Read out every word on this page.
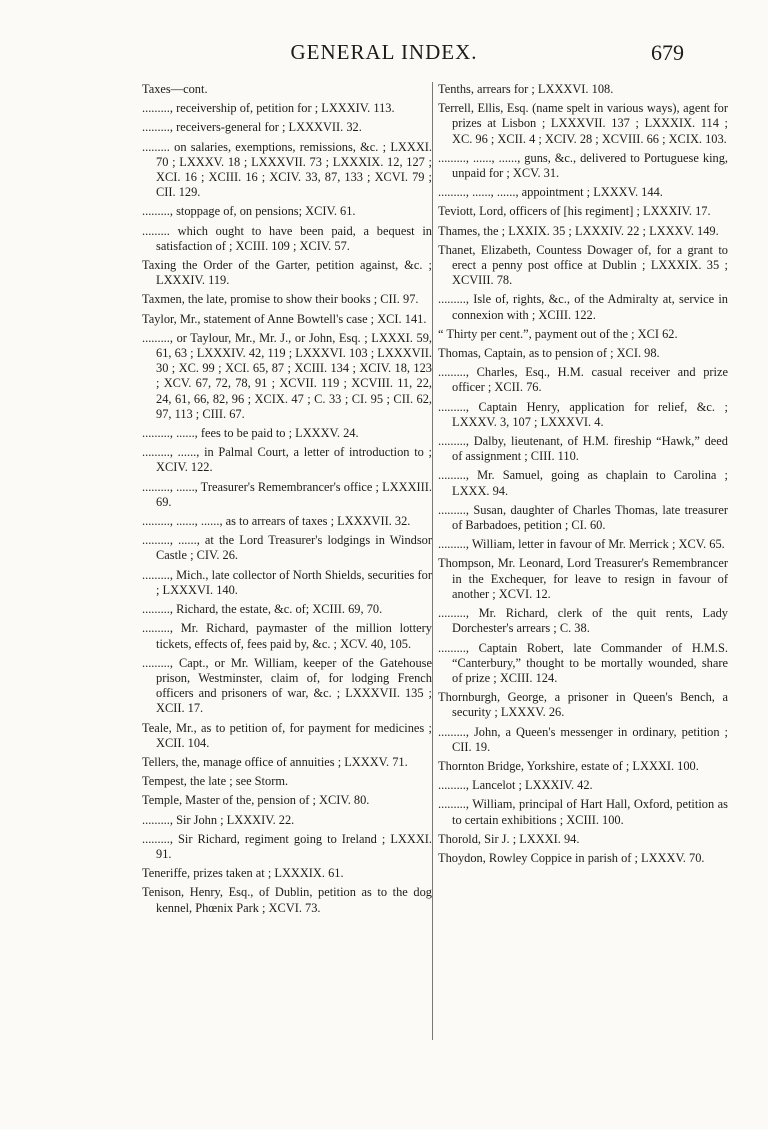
GENERAL INDEX.	679
Taxes—cont.
........., receivership of, petition for ; LXXXIV. 113.
........., receivers-general for ; LXXXVII. 32.
......... on salaries, exemptions, remissions, &c. ; LXXXI. 70 ; LXXXV. 18 ; LXXXVII. 73 ; LXXXIX. 12, 127 ; XCI. 16 ; XCIII. 16 ; XCIV. 33, 87, 133 ; XCVI. 79 ; CII. 129.
........., stoppage of, on pensions; XCIV. 61.
......... which ought to have been paid, a bequest in satisfaction of ; XCIII. 109 ; XCIV. 57.
Taxing the Order of the Garter, petition against, &c. ; LXXXIV. 119.
Taxmen, the late, promise to show their books ; CII. 97.
Taylor, Mr., statement of Anne Bowtell's case ; XCI. 141.
........., or Taylour, Mr., Mr. J., or John, Esq. ; LXXXI. 59, 61, 63 ; LXXXIV. 42, 119 ; LXXXVI. 103 ; LXXXVII. 30 ; XC. 99 ; XCI. 65, 87 ; XCIII. 134 ; XCIV. 18, 123 ; XCV. 67, 72, 78, 91 ; XCVII. 119 ; XCVIII. 11, 22, 24, 61, 66, 82, 96 ; XCIX. 47 ; C. 33 ; CI. 95 ; CII. 62, 97, 113 ; CIII. 67.
........., ......, fees to be paid to ; LXXXV. 24.
........., ......, in Palmal Court, a letter of introduction to ; XCIV. 122.
........., ......, Treasurer's Remembrancer's office ; LXXXIII. 69.
........., ......, ......, as to arrears of taxes ; LXXXVII. 32.
........., ......, at the Lord Treasurer's lodgings in Windsor Castle ; CIV. 26.
........., Mich., late collector of North Shields, securities for ; LXXXVI. 140.
........., Richard, the estate, &c. of; XCIII. 69, 70.
........., Mr. Richard, paymaster of the million lottery tickets, effects of, fees paid by, &c. ; XCV. 40, 105.
........., Capt., or Mr. William, keeper of the Gatehouse prison, Westminster, claim of, for lodging French officers and prisoners of war, &c. ; LXXXVII. 135 ; XCII. 17.
Teale, Mr., as to petition of, for payment for medicines ; XCII. 104.
Tellers, the, manage office of annuities ; LXXXV. 71.
Tempest, the late ; see Storm.
Temple, Master of the, pension of ; XCIV. 80.
........., Sir John ; LXXXIV. 22.
........., Sir Richard, regiment going to Ireland ; LXXXI. 91.
Teneriffe, prizes taken at ; LXXXIX. 61.
Tenison, Henry, Esq., of Dublin, petition as to the dog kennel, Phœnix Park ; XCVI. 73.
Tenths, arrears for ; LXXXVI. 108.
Terrell, Ellis, Esq. (name spelt in various ways), agent for prizes at Lisbon ; LXXXVII. 137 ; LXXXIX. 114 ; XC. 96 ; XCII. 4 ; XCIV. 28 ; XCVIII. 66 ; XCIX. 103.
........., ......, ......, guns, &c., delivered to Portuguese king, unpaid for ; XCV. 31.
........., ......, ......, appointment ; LXXXV. 144.
Teviott, Lord, officers of [his regiment] ; LXXXIV. 17.
Thames, the ; LXXIX. 35 ; LXXXIV. 22 ; LXXXV. 149.
Thanet, Elizabeth, Countess Dowager of, for a grant to erect a penny post office at Dublin ; LXXXIX. 35 ; XCVIII. 78.
........., Isle of, rights, &c., of the Admiralty at, service in connexion with ; XCIII. 122.
“ Thirty per cent.”, payment out of the ; XCI 62.
Thomas, Captain, as to pension of ; XCI. 98.
........., Charles, Esq., H.M. casual receiver and prize officer ; XCII. 76.
........., Captain Henry, application for relief, &c. ; LXXXV. 3, 107 ; LXXXVI. 4.
........., Dalby, lieutenant, of H.M. fireship “Hawk,” deed of assignment ; CIII. 110.
........., Mr. Samuel, going as chaplain to Carolina ; LXXX. 94.
........., Susan, daughter of Charles Thomas, late treasurer of Barbadoes, petition ; CI. 60.
........., William, letter in favour of Mr. Merrick ; XCV. 65.
Thompson, Mr. Leonard, Lord Treasurer's Remembrancer in the Exchequer, for leave to resign in favour of another ; XCVI. 12.
........., Mr. Richard, clerk of the quit rents, Lady Dorchester's arrears ; C. 38.
........., Captain Robert, late Commander of H.M.S. “Canterbury,” thought to be mortally wounded, share of prize ; XCIII. 124.
Thornburgh, George, a prisoner in Queen's Bench, a security ; LXXXV. 26.
........., John, a Queen's messenger in ordinary, petition ; CII. 19.
Thornton Bridge, Yorkshire, estate of ; LXXXI. 100.
........., Lancelot ; LXXXIV. 42.
........., William, principal of Hart Hall, Oxford, petition as to certain exhibitions ; XCIII. 100.
Thorold, Sir J. ; LXXXI. 94.
Thoydon, Rowley Coppice in parish of ; LXXXV. 70.
